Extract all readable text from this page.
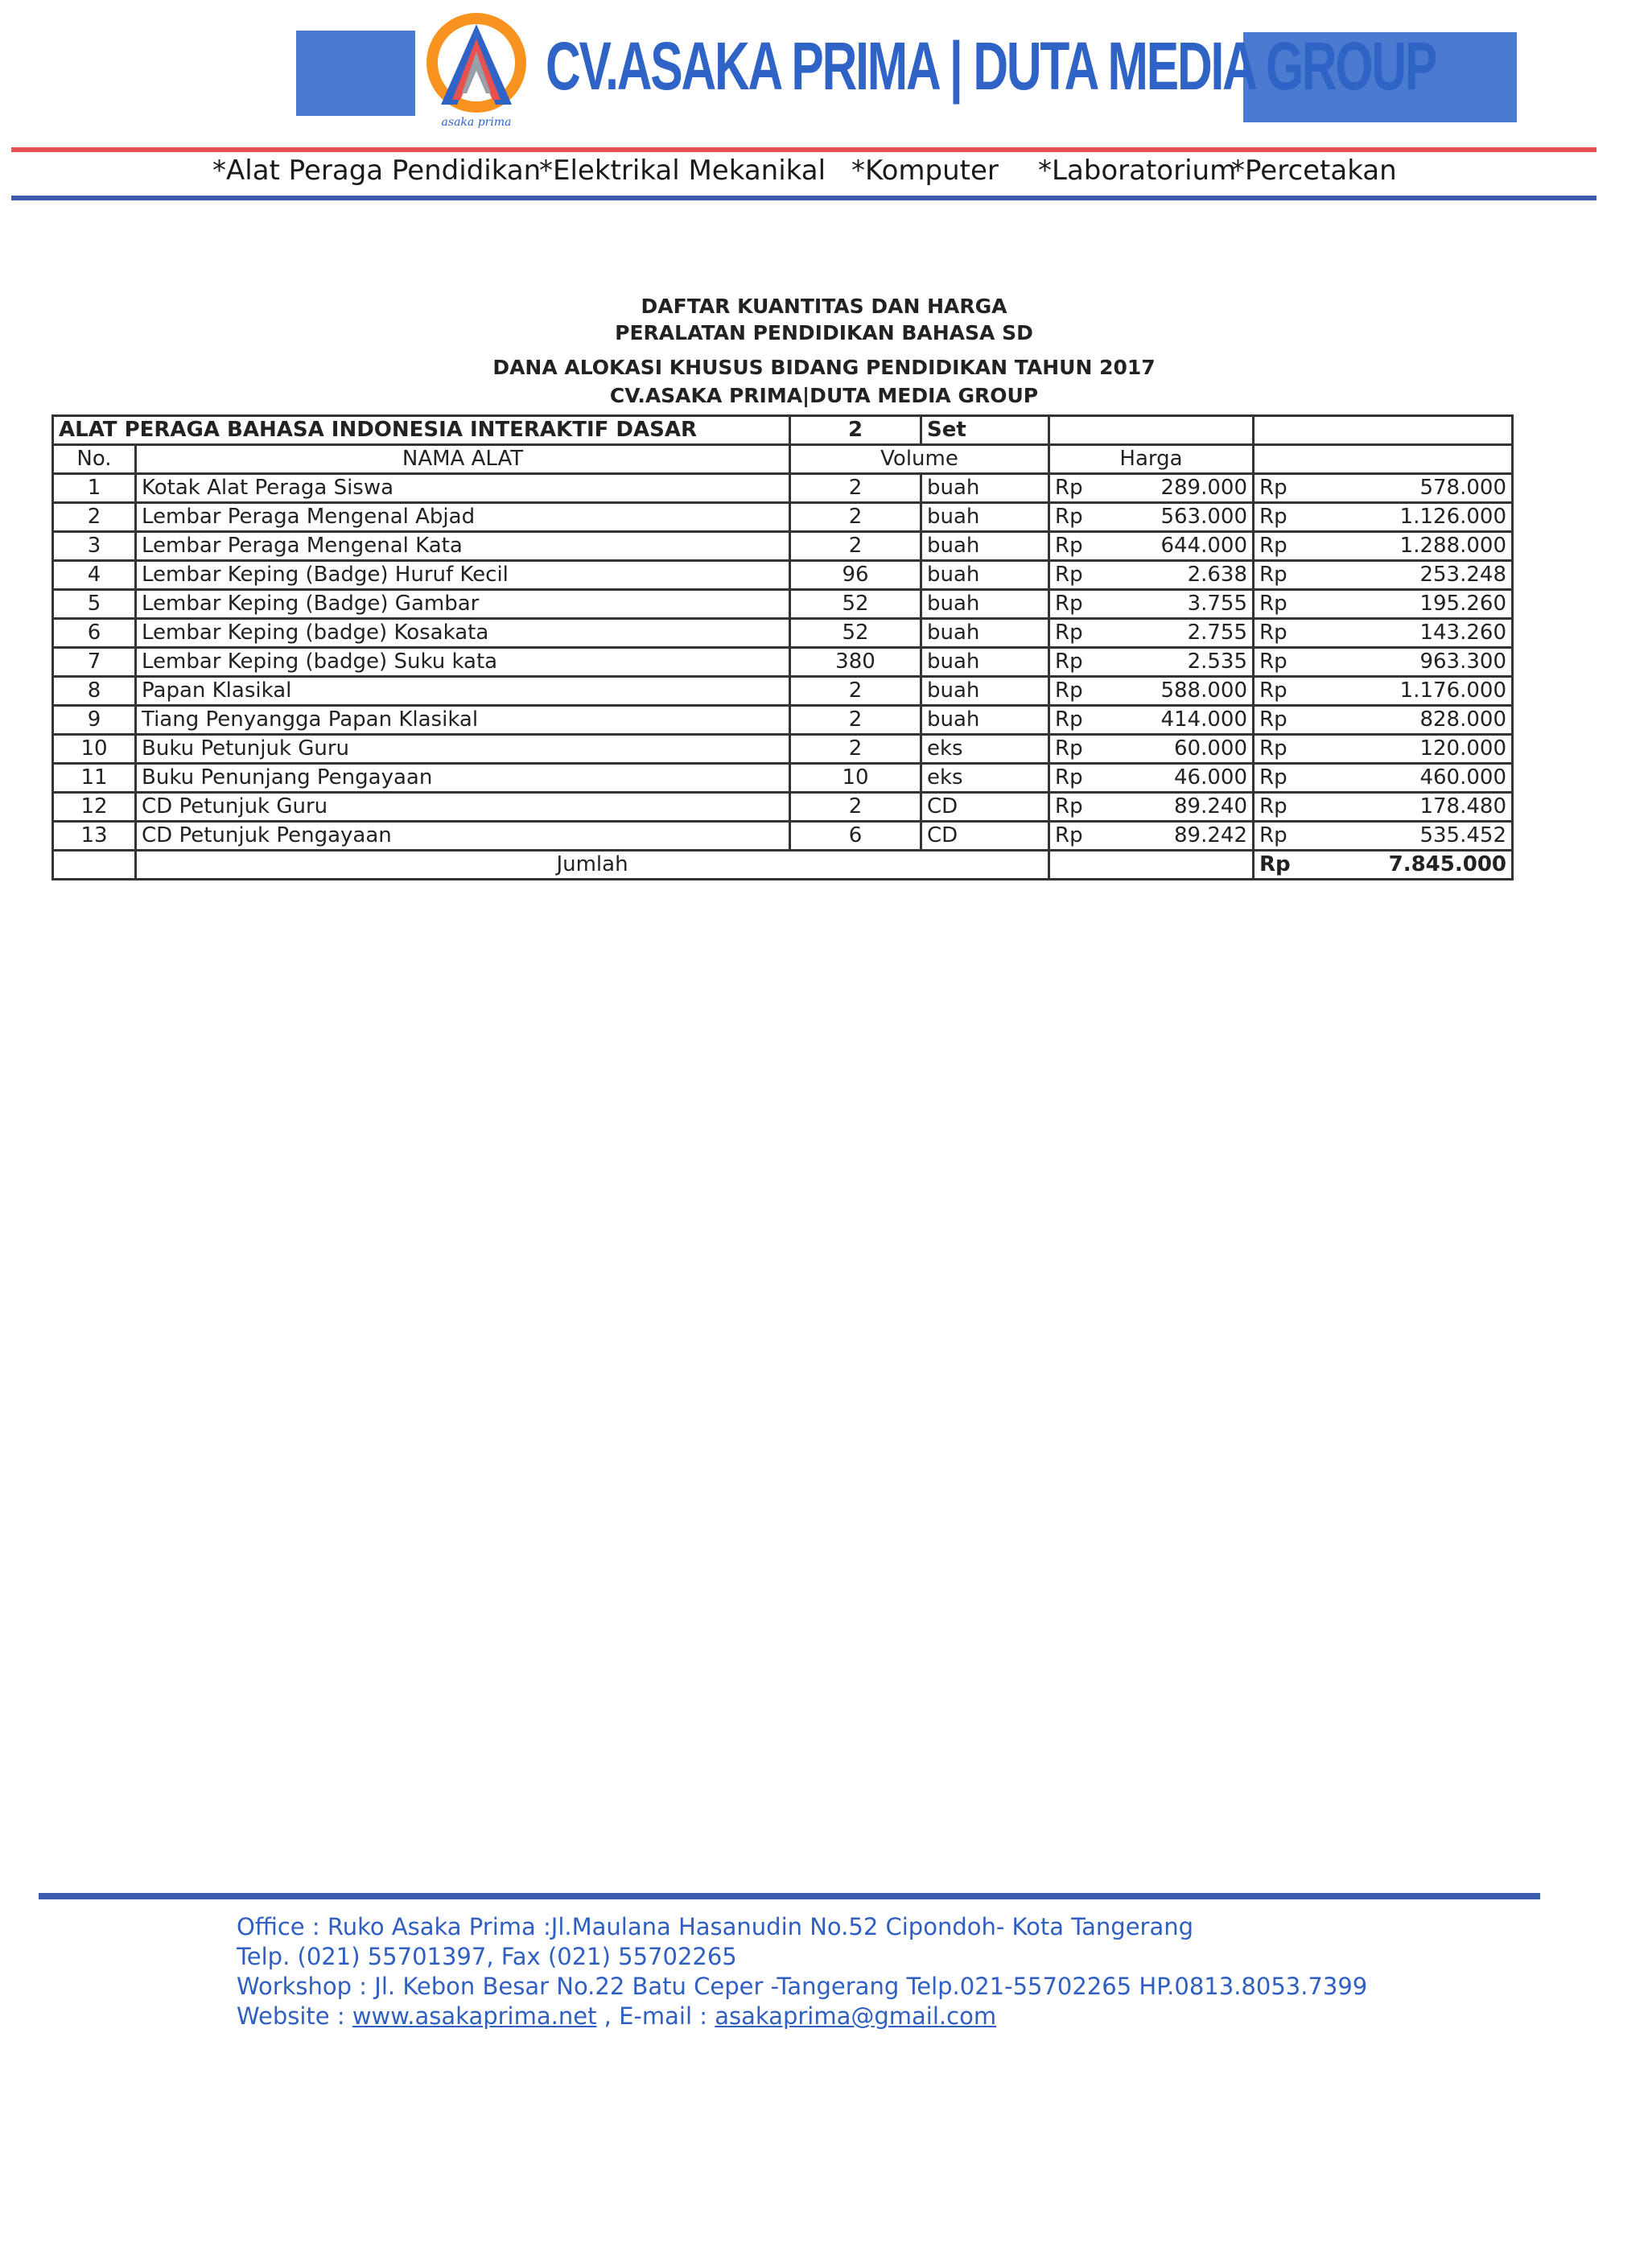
asaka prima
CV.ASAKA PRIMA | DUTA MEDIA GROUP
*Alat Peraga Pendidikan
*Elektrikal Mekanikal *Komputer *Laboratorium
*Percetakan
DAFTAR KUANTITAS DAN HARGA
PERALATAN PENDIDIKAN BAHASA SD
DANA ALOKASI KHUSUS BIDANG PENDIDIKAN TAHUN 2017
CV.ASAKA PRIMA|DUTA MEDIA GROUP
ALAT PERAGA BAHASA INDONESIA INTERAKTIF DASAR		2	Set				
No.	NAMA ALAT	Volume		Harga			
1	Kotak Alat Peraga Siswa	2	buah	Rp	289.000	Rp	578.000
2	Lembar Peraga Mengenal Abjad	2	buah	Rp	563.000	Rp	1.126.000
3	Lembar Peraga Mengenal Kata	2	buah	Rp	644.000	Rp	1.288.000
4	Lembar Keping (Badge) Huruf Kecil	96	buah	Rp	2.638	Rp	253.248
5	Lembar Keping (Badge) Gambar	52	buah	Rp	3.755	Rp	195.260
6	Lembar Keping (badge) Kosakata	52	buah	Rp	2.755	Rp	143.260
7	Lembar Keping (badge) Suku kata	380	buah	Rp	2.535	Rp	963.300
8	Papan Klasikal	2	buah	Rp	588.000	Rp	1.176.000
9	Tiang Penyangga Papan Klasikal	2	buah	Rp	414.000	Rp	828.000
10	Buku Petunjuk Guru	2	eks	Rp	60.000	Rp	120.000
11	Buku Penunjang Pengayaan	10	eks	Rp	46.000	Rp	460.000
12	CD Petunjuk Guru	2	CD	Rp	89.240	Rp	178.480
13	CD Petunjuk Pengayaan	6	CD	Rp	89.242	Rp	535.452
	Jumlah					Rp	7.845.000
Office : Ruko Asaka Prima :Jl.Maulana Hasanudin No.52 Cipondoh- Kota Tangerang
Telp. (021) 55701397, Fax (021) 55702265
Workshop : Jl. Kebon Besar No.22 Batu Ceper -Tangerang Telp.021-55702265 HP.0813.8053.7399
Website : www.asakaprima.net , E-mail : asakaprima@gmail.com
